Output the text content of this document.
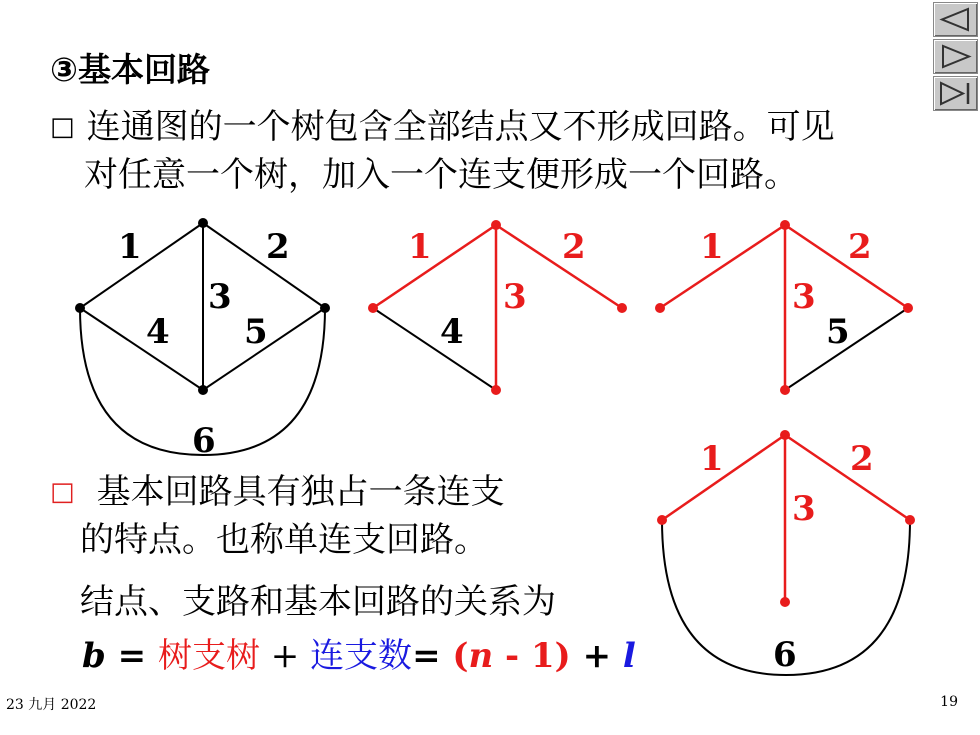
③基本回路
□ 连通图的一个树包含全部结点又不形成回路。可见
对任意一个树，加入一个连支便形成一个回路。
□ 基本回路具有独占一条连支
的特点。也称单连支回路。
结点、支路和基本回路的关系为
b = 树支树 + 连支数= (n - 1) + l
1	2
3
4 5
6
1	2
3
4
1	2
3
5
1	2
3
6
23 九月 2022	19
